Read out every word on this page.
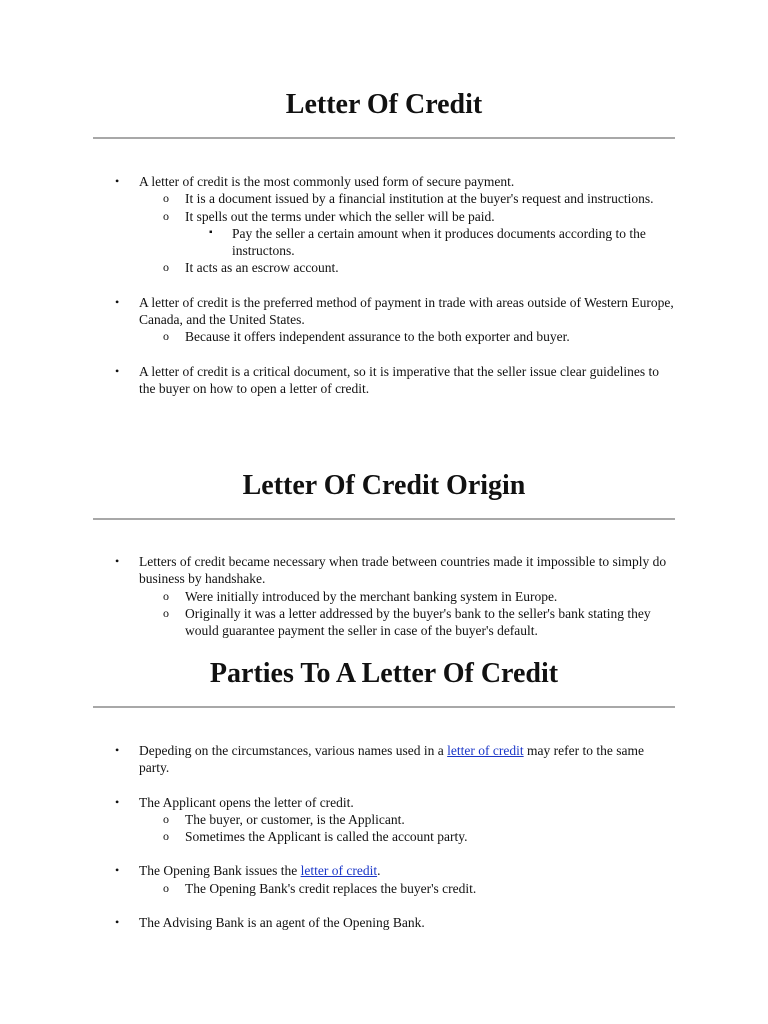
Letter Of Credit
• A letter of credit is the most commonly used form of secure payment.
o It is a document issued by a financial institution at the buyer's request and instructions.
o It spells out the terms under which the seller will be paid.
▪ Pay the seller a certain amount when it produces documents according to the instructons.
o It acts as an escrow account.
• A letter of credit is the preferred method of payment in trade with areas outside of Western Europe, Canada, and the United States.
o Because it offers independent assurance to the both exporter and buyer.
• A letter of credit is a critical document, so it is imperative that the seller issue clear guidelines to the buyer on how to open a letter of credit.
Letter Of Credit Origin
• Letters of credit became necessary when trade between countries made it impossible to simply do business by handshake.
o Were initially introduced by the merchant banking system in Europe.
o Originally it was a letter addressed by the buyer's bank to the seller's bank stating they would guarantee payment the seller in case of the buyer's default.
Parties To A Letter Of Credit
• Depeding on the circumstances, various names used in a letter of credit may refer to the same party.
• The Applicant opens the letter of credit.
o The buyer, or customer, is the Applicant.
o Sometimes the Applicant is called the account party.
• The Opening Bank issues the letter of credit.
o The Opening Bank's credit replaces the buyer's credit.
• The Advising Bank is an agent of the Opening Bank.
